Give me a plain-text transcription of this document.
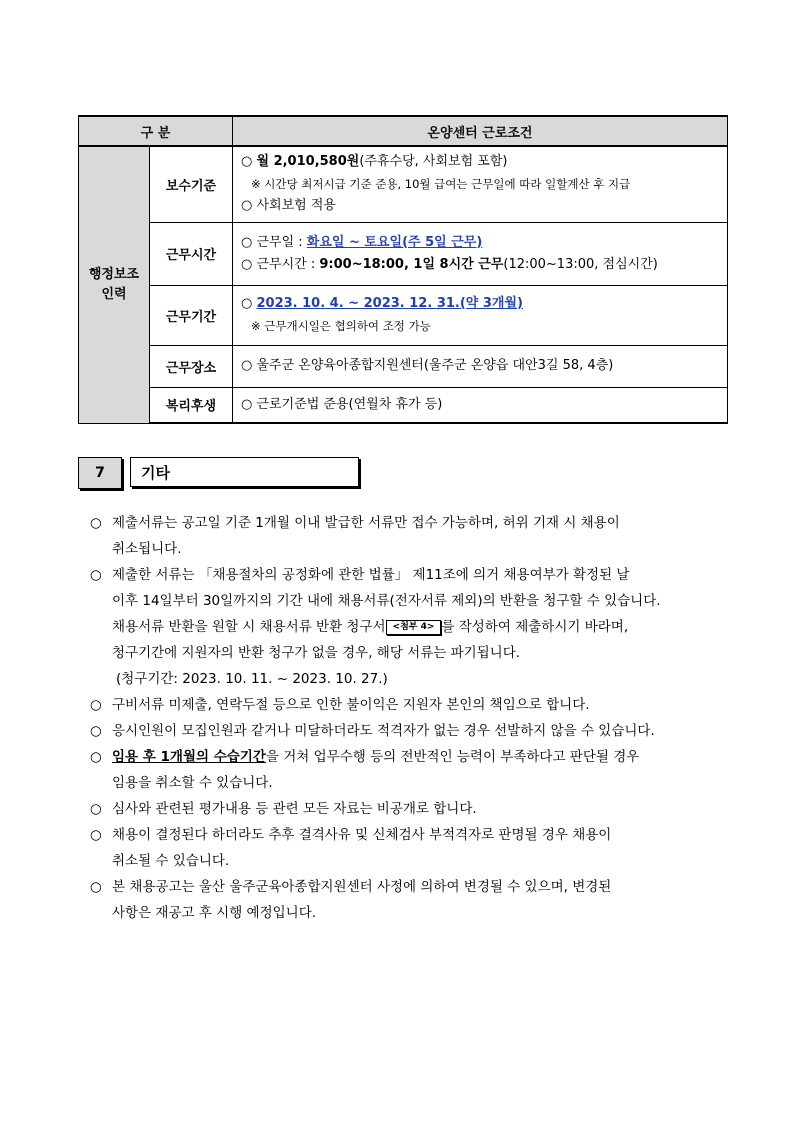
구 분		온양센터 근로조건
행정보조
인력	보수기준	○ 월 2,010,580원(주휴수당, 사회보험 포함)

※ 시간당 최저시급 기준 준용, 10월 급여는 근무일에 따라 일할계산 후 지급
○ 사회보험 적용
	근무시간	○ 근무일 : 화요일 ~ 토요일(주 5일 근무)
○ 근무시간 : 9:00~18:00, 1일 8시간 근무(12:00~13:00, 점심시간)
	근무기간	○ 2023. 10. 4. ~ 2023. 12. 31.(약 3개월)

※ 근무개시일은 협의하여 조정 가능

	근무장소	○ 울주군 온양육아종합지원센터(울주군 온양읍 대안3길 58, 4층)
	복리후생	○ 근로기준법 준용(연월차 휴가 등)
7	기타
○ 제출서류는 공고일 기준 1개월 이내 발급한 서류만 접수 가능하며, 허위 기재 시 채용이
취소됩니다.
○ 제출한 서류는 「채용절차의 공정화에 관한 법률」 제11조에 의거 채용여부가 확정된 날
이후 14일부터 30일까지의 기간 내에 채용서류(전자서류 제외)의 반환을 청구할 수 있습니다.
채용서류 반환을 원할 시 채용서류 반환 청구서 <첨부 4> 를 작성하여 제출하시기 바라며,
청구기간에 지원자의 반환 청구가 없을 경우, 해당 서류는 파기됩니다.
(청구기간: 2023. 10. 11. ~ 2023. 10. 27.)
○ 구비서류 미제출, 연락두절 등으로 인한 불이익은 지원자 본인의 책임으로 합니다.
○ 응시인원이 모집인원과 같거나 미달하더라도 적격자가 없는 경우 선발하지 않을 수 있습니다.
○ 임용 후 1개월의 수습기간을 거쳐 업무수행 등의 전반적인 능력이 부족하다고 판단될 경우
임용을 취소할 수 있습니다.
○ 심사와 관련된 평가내용 등 관련 모든 자료는 비공개로 합니다.
○ 채용이 결정된다 하더라도 추후 결격사유 및 신체검사 부적격자로 판명될 경우 채용이
취소될 수 있습니다.
○ 본 채용공고는 울산 울주군육아종합지원센터 사정에 의하여 변경될 수 있으며, 변경된
사항은 재공고 후 시행 예정입니다.
